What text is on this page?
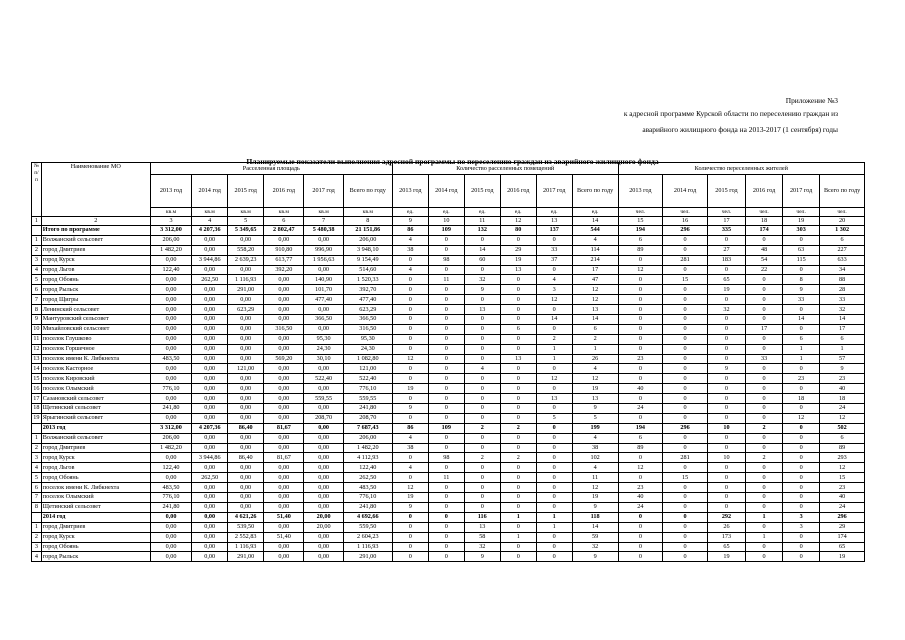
Приложение №3
к адресной программе Курской области по переселению граждан из
аварийного жилищного фонда на 2013-2017 (1 сентября) годы
Планируемые показатели выполнения адресной программы по переселению граждан из аварийного жилищного фонда
№ п/п	Наименование МО	Расселенная площадь						Количество расселенных помещений						Количество переселенных жителей					
		2013 год	2014 год	2015 год	2016 год	2017 год	Всего по году	2013 год	2014 год	2015 год	2016 год	2017 год	Всего по году	2013 год	2014 год	2015 год	2016 год	2017 год	Всего по году
		кв.м	кв.м	кв.м	кв.м	кв.м	кв.м	ед.	ед.	ед.	ед.	ед.	ед.	чел.	чел.	чел.	чел.	чел.	чел.
1	2	3	4	5	6	7	8	9	10	11	12	13	14	15	16	17	18	19	20
	Итого по программе	3 312,00	4 207,36	5 349,65	2 802,47	5 480,38	21 151,86	86	109	132	80	137	544	194	296	335	174	303	1 302
1	Волжанский сельсовет	206,00	0,00	0,00	0,00	0,00	206,00	4	0	0	0	0	4	6	0	0	0	0	6
2	город Дмитриев	1 482,20	0,00	558,20	910,80	996,90	3 948,10	38	0	14	29	33	114	89	0	27	48	63	227
3	город Курск	0,00	3 944,86	2 639,23	613,77	1 956,63	9 154,49	0	98	60	19	37	214	0	281	183	54	115	633
4	город Льгов	122,40	0,00	0,00	392,20	0,00	514,60	4	0	0	13	0	17	12	0	0	22	0	34
5	город Обоянь	0,00	262,50	1 116,93	0,00	140,90	1 520,33	0	11	32	0	4	47	0	15	65	0	8	88
6	город Рыльск	0,00	0,00	291,00	0,00	101,70	392,70	0	0	9	0	3	12	0	0	19	0	9	28
7	город Щигры	0,00	0,00	0,00	0,00	477,40	477,40	0	0	0	0	12	12	0	0	0	0	33	33
8	Ленинский сельсовет	0,00	0,00	623,29	0,00	0,00	623,29	0	0	13	0	0	13	0	0	32	0	0	32
9	Мантуровский сельсовет	0,00	0,00	0,00	0,00	366,50	366,50	0	0	0	0	14	14	0	0	0	0	14	14
10	Михайловский сельсовет	0,00	0,00	0,00	316,50	0,00	316,50	0	0	0	6	0	6	0	0	0	17	0	17
11	поселок Глушково	0,00	0,00	0,00	0,00	95,30	95,30	0	0	0	0	2	2	0	0	0	0	6	6
12	поселок Горшечное	0,00	0,00	0,00	0,00	24,30	24,30	0	0	0	0	1	1	0	0	0	0	1	1
13	поселок имени К. Либкнехта	483,50	0,00	0,00	569,20	30,10	1 082,80	12	0	0	13	1	26	23	0	0	33	1	57
14	поселок Касторное	0,00	0,00	121,00	0,00	0,00	121,00	0	0	4	0	0	4	0	0	9	0	0	9
15	поселок Кировский	0,00	0,00	0,00	0,00	522,40	522,40	0	0	0	0	12	12	0	0	0	0	23	23
16	поселок Олымский	776,10	0,00	0,00	0,00	0,00	776,10	19	0	0	0	0	19	40	0	0	0	0	40
17	Сазановский сельсовет	0,00	0,00	0,00	0,00	559,55	559,55	0	0	0	0	13	13	0	0	0	0	18	18
18	Щетинский сельсовет	241,80	0,00	0,00	0,00	0,00	241,80	9	0	0	0	0	9	24	0	0	0	0	24
19	Ярыгинский сельсовет	0,00	0,00	0,00	0,00	208,70	208,70	0	0	0	0	5	5	0	0	0	0	12	12
	2013 год	3 312,00	4 207,36	86,40	81,67	0,00	7 687,43	86	109	2	2	0	199	194	296	10	2	0	502
1	Волжанский сельсовет	206,00	0,00	0,00	0,00	0,00	206,00	4	0	0	0	0	4	6	0	0	0	0	6
2	город Дмитриев	1 482,20	0,00	0,00	0,00	0,00	1 482,20	38	0	0	0	0	38	89	0	0	0	0	89
3	город Курск	0,00	3 944,86	86,40	81,67	0,00	4 112,93	0	98	2	2	0	102	0	281	10	2	0	293
4	город Льгов	122,40	0,00	0,00	0,00	0,00	122,40	4	0	0	0	0	4	12	0	0	0	0	12
5	город Обоянь	0,00	262,50	0,00	0,00	0,00	262,50	0	11	0	0	0	11	0	15	0	0	0	15
6	поселок имени К. Либкнехта	483,50	0,00	0,00	0,00	0,00	483,50	12	0	0	0	0	12	23	0	0	0	0	23
7	поселок Олымский	776,10	0,00	0,00	0,00	0,00	776,10	19	0	0	0	0	19	40	0	0	0	0	40
8	Щетинский сельсовет	241,80	0,00	0,00	0,00	0,00	241,80	9	0	0	0	0	9	24	0	0	0	0	24
	2014 год	0,00	0,00	4 621,26	51,40	20,00	4 692,66	0	0	116	1	1	118	0	0	292	1	3	296
1	город Дмитриев	0,00	0,00	539,50	0,00	20,00	559,50	0	0	13	0	1	14	0	0	26	0	3	29
2	город Курск	0,00	0,00	2 552,83	51,40	0,00	2 604,23	0	0	58	1	0	59	0	0	173	1	0	174
3	город Обоянь	0,00	0,00	1 116,93	0,00	0,00	1 116,93	0	0	32	0	0	32	0	0	65	0	0	65
4	город Рыльск	0,00	0,00	291,00	0,00	0,00	291,00	0	0	9	0	0	9	0	0	19	0	0	19
